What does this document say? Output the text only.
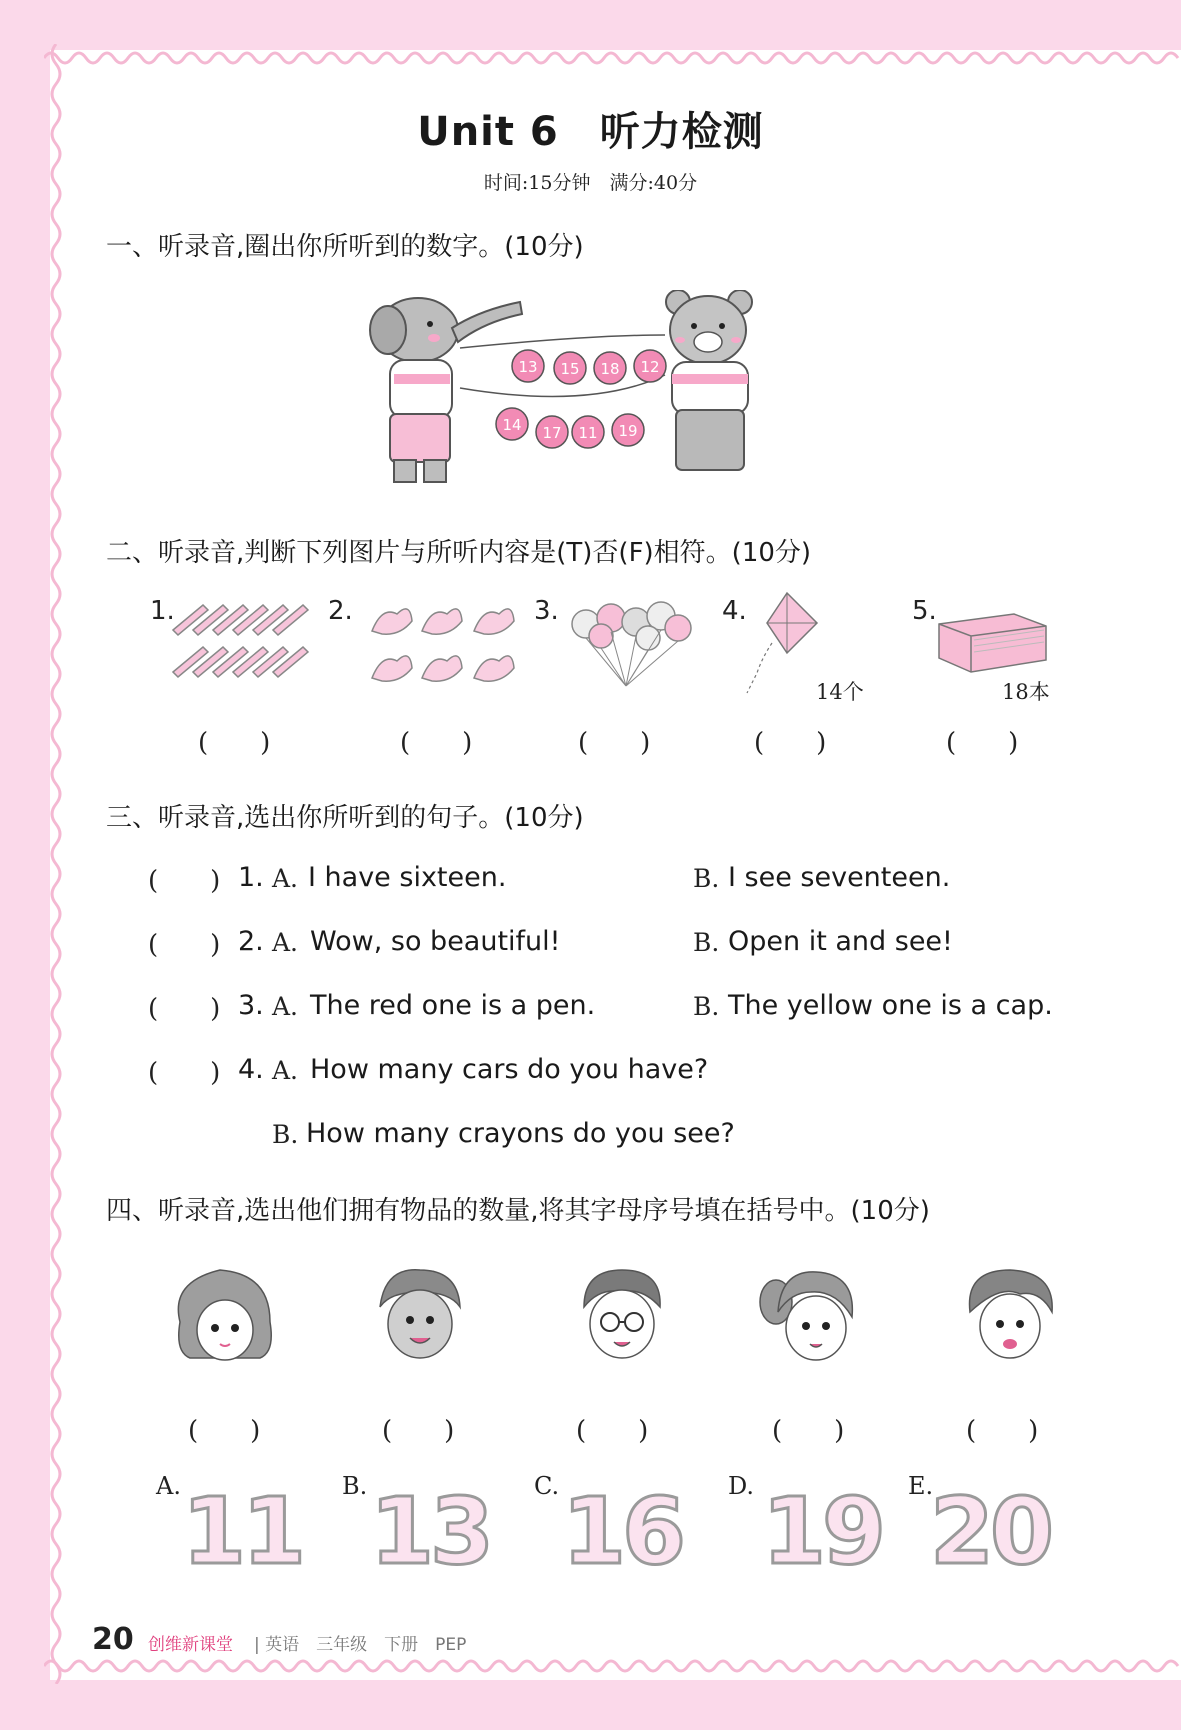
Unit 6　听力检测
时间:15分钟　满分:40分
一、听录音,圈出你所听到的数字。(10分)
13 15 18 12
14 17 11 19
二、听录音,判断下列图片与所听内容是(T)否(F)相符。(10分)
1.	2.	3.	4.
14个
5.
18本
(　　)	(　　)	(　　)	(　　)	(　　)
三、听录音,选出你所听到的句子。(10分)
(　　) 1. A. I have sixteen.	B. I see seventeen.
(　　) 2. A. Wow, so beautiful!	B. Open it and see!
(　　) 3. A. The red one is a pen.	B. The yellow one is a cap.
(　　) 4. A. How many cars do you have?
B. How many crayons do you see?
四、听录音,选出他们拥有物品的数量,将其字母序号填在括号中。(10分)
(　　)	(　　)	(　　)	(　　)	(　　)
A. 11 B. 13 C. 16 D. 19 E.
20
20 创维新课堂 | 英语　三年级　下册　PEP
